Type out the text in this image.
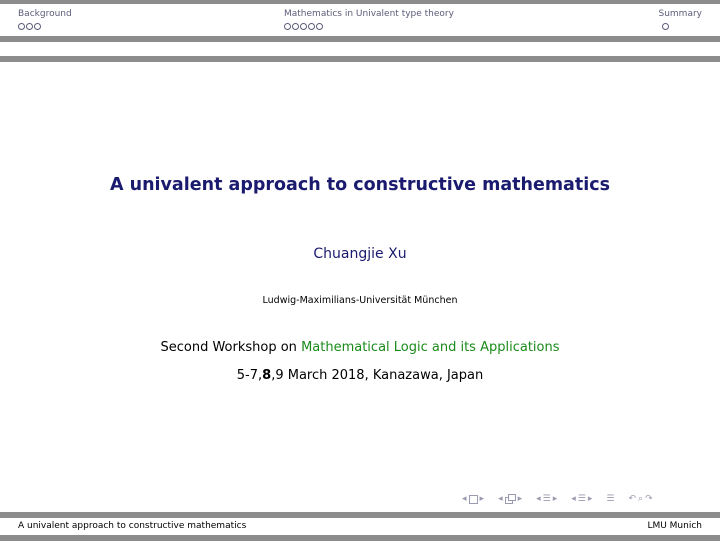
Background	Mathematics in Univalent type theory	Summary
A univalent approach to constructive mathematics
Chuangjie Xu
Ludwig-Maximilians-Universität München
Second Workshop on Mathematical Logic and its Applications
5-7,8,9 March 2018, Kanazawa, Japan
◂ ▸ ◂ ▸ ◂ ☰ ▸ ◂ ☰ ▸ ☰ ↶ ⌕ ↷
A univalent approach to constructive mathematics	LMU Munich
